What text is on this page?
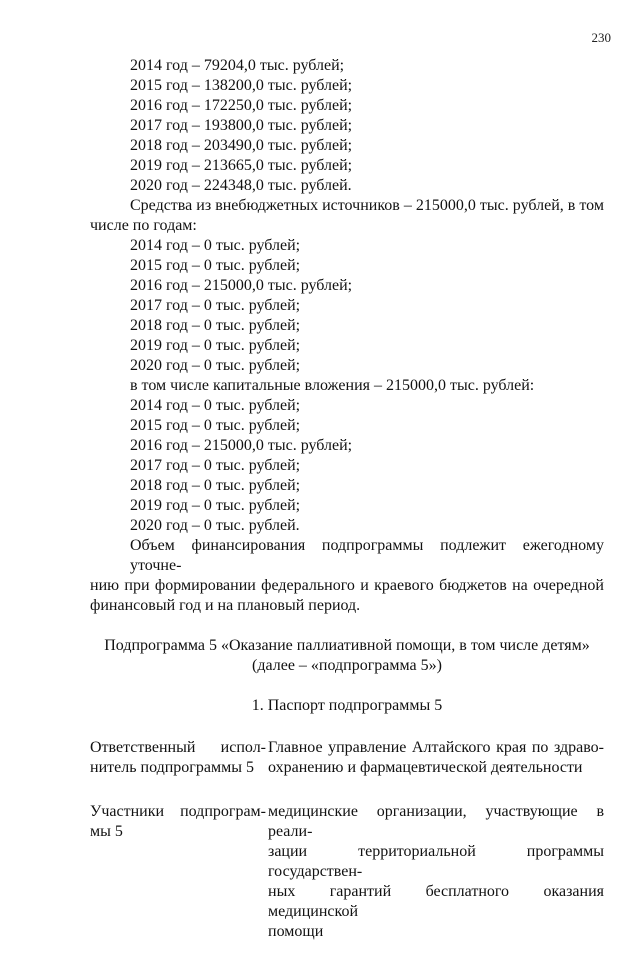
230
2014 год – 79204,0 тыс. рублей;
2015 год – 138200,0 тыс. рублей;
2016 год – 172250,0 тыс. рублей;
2017 год – 193800,0 тыс. рублей;
2018 год – 203490,0 тыс. рублей;
2019 год – 213665,0 тыс. рублей;
2020 год – 224348,0 тыс. рублей.
Средства из внебюджетных источников – 215000,0 тыс. рублей, в том
числе по годам:
2014 год – 0 тыс. рублей;
2015 год – 0 тыс. рублей;
2016 год – 215000,0 тыс. рублей;
2017 год – 0 тыс. рублей;
2018 год – 0 тыс. рублей;
2019 год – 0 тыс. рублей;
2020 год – 0 тыс. рублей;
в том числе капитальные вложения – 215000,0 тыс. рублей:
2014 год – 0 тыс. рублей;
2015 год – 0 тыс. рублей;
2016 год – 215000,0 тыс. рублей;
2017 год – 0 тыс. рублей;
2018 год – 0 тыс. рублей;
2019 год – 0 тыс. рублей;
2020 год – 0 тыс. рублей.
Объем финансирования подпрограммы подлежит ежегодному уточне-
нию при формировании федерального и краевого бюджетов на очередной
финансовый год и на плановый период.
Подпрограмма 5 «Оказание паллиативной помощи, в том числе детям»
(далее – «подпрограмма 5»)
1. Паспорт подпрограммы 5
Ответственный испол-
нитель подпрограммы 5
Главное управление Алтайского края по здраво-
охранению и фармацевтической деятельности
Участники подпрограм-
мы 5
медицинские организации, участвующие в реали-
зации территориальной программы государствен-
ных гарантий бесплатного оказания медицинской
помощи
